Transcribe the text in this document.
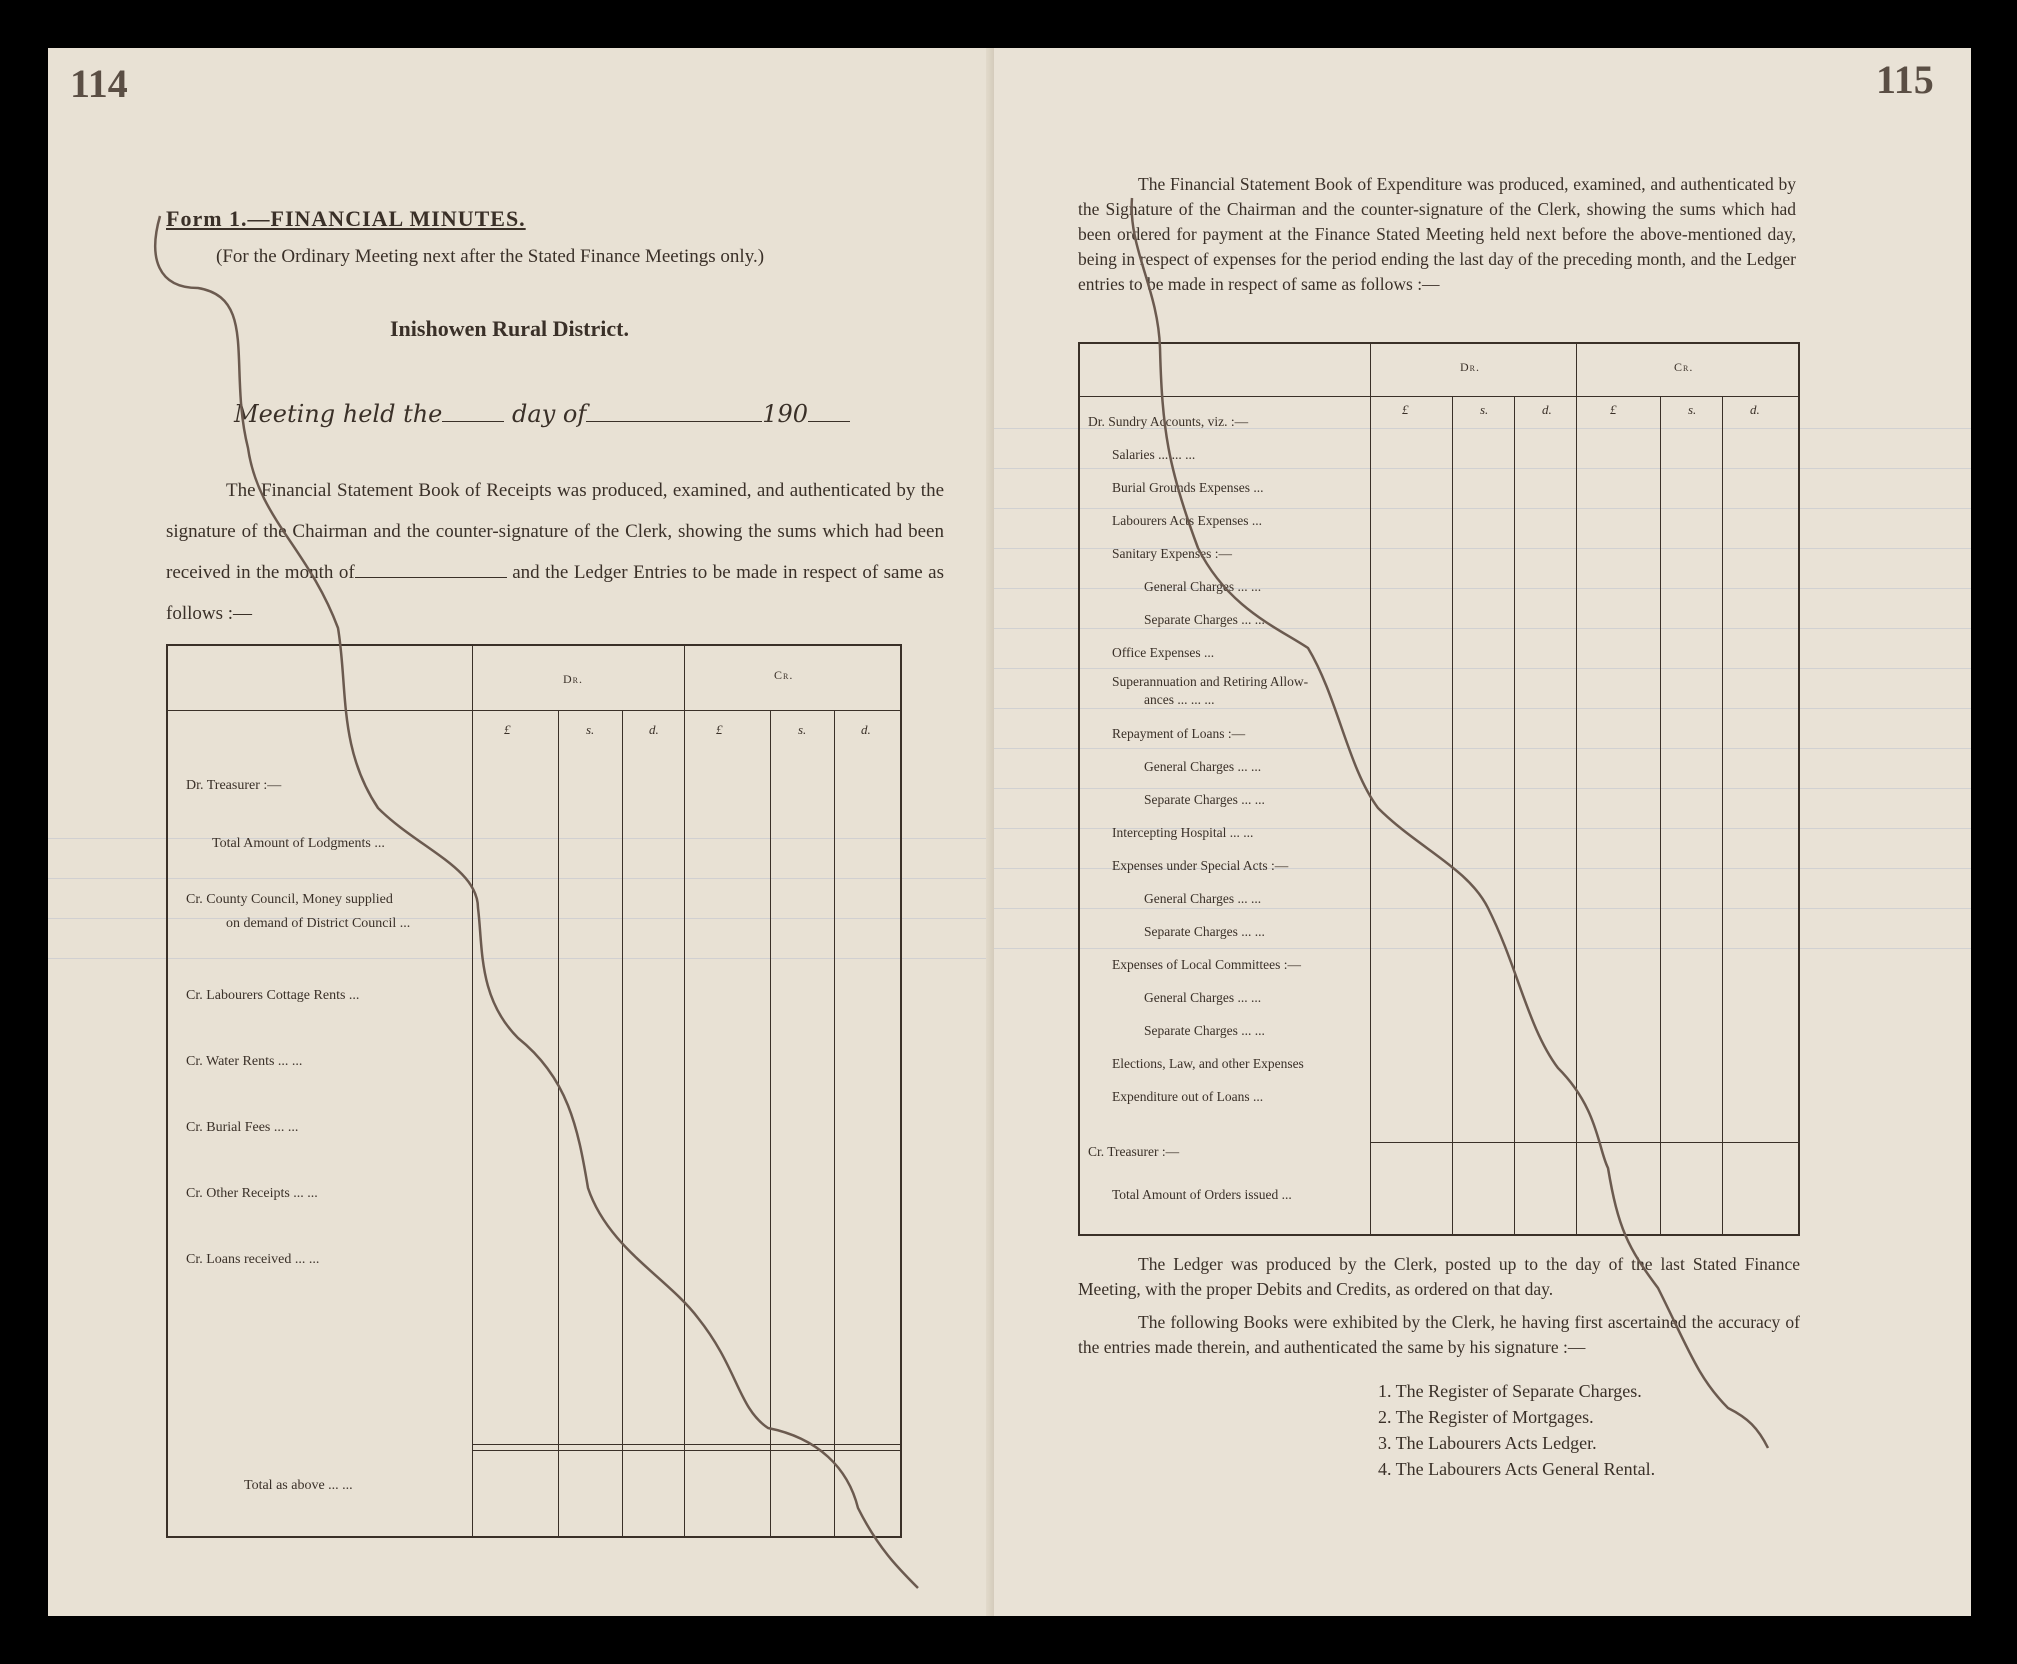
114
Form 1.—FINANCIAL MINUTES.
(For the Ordinary Meeting next after the Stated Finance Meetings only.)
Inishowen Rural District.
Meeting held the	day of	190
The Financial Statement Book of Receipts was produced, examined, and authenticated by the signature of the Chairman and the counter-signature of the Clerk, showing the sums which had been received in the month of	and the Ledger Entries to be made in respect of same as follows :—
Dr.	Cr.
£	s.	d.	£	s.	d.
Dr. Treasurer :—
Total Amount of Lodgments ...
Cr. County Council, Money supplied
on demand of District Council ...
Cr. Labourers Cottage Rents ...
Cr. Water Rents ... ...
Cr. Burial Fees ... ...
Cr. Other Receipts ... ...
Cr. Loans received ... ...
Total as above ... ...
115
The Financial Statement Book of Expenditure was produced, examined, and authenticated by the Signature of the Chairman and the counter-signature of the Clerk, showing the sums which had been ordered for payment at the Finance Stated Meeting held next before the above-mentioned day, being in respect of expenses for the period ending the last day of the preceding month, and the Ledger entries to be made in respect of same as follows :—
Dr.	Cr.
£	s.	d.	£	s.	d.
Dr. Sundry Accounts, viz. :—
Salaries ... ... ...
Burial Grounds Expenses ...
Labourers Acts Expenses ...
Sanitary Expenses :—
General Charges ... ...
Separate Charges ... ...
Office Expenses ...
Superannuation and Retiring Allow-
ances ... ... ...
Repayment of Loans :—
General Charges ... ...
Separate Charges ... ...
Intercepting Hospital ... ...
Expenses under Special Acts :—
General Charges ... ...
Separate Charges ... ...
Expenses of Local Committees :—
General Charges ... ...
Separate Charges ... ...
Elections, Law, and other Expenses
Expenditure out of Loans ...
Cr. Treasurer :—
Total Amount of Orders issued ...
The Ledger was produced by the Clerk, posted up to the day of the last Stated Finance Meeting, with the proper Debits and Credits, as ordered on that day.
The following Books were exhibited by the Clerk, he having first ascertained the accuracy of the entries made therein, and authenticated the same by his signature :—
1. The Register of Separate Charges.
2. The Register of Mortgages.
3. The Labourers Acts Ledger.
4. The Labourers Acts General Rental.
